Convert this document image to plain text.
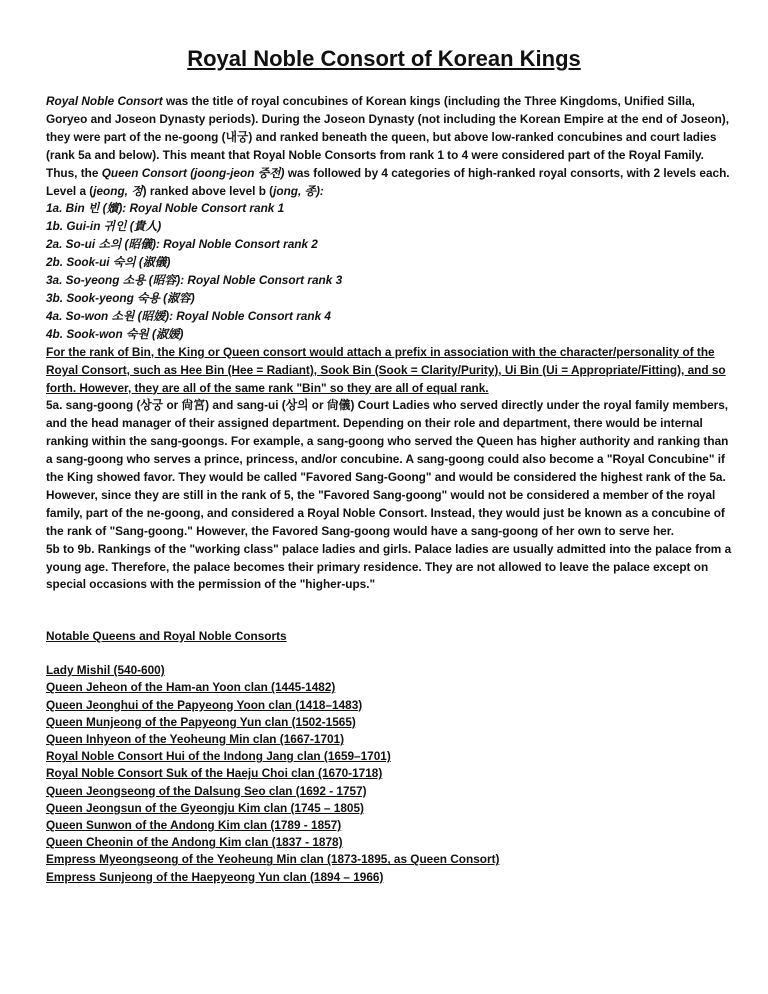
Royal Noble Consort of Korean Kings

Royal Noble Consort was the title of royal concubines of Korean kings (including the Three Kingdoms, Unified Silla, Goryeo and Joseon Dynasty periods). During the Joseon Dynasty (not including the Korean Empire at the end of Joseon), they were part of the ne-goong (내궁) and ranked beneath the queen, but above low-ranked concubines and court ladies (rank 5a and below). This meant that Royal Noble Consorts from rank 1 to 4 were considered part of the Royal Family.

Thus, the Queen Consort (joong-jeon 중전) was followed by 4 categories of high-ranked royal consorts, with 2 levels each. Level a (jeong, 정) ranked above level b (jong, 종):

1a. Bin 빈 (嬪): Royal Noble Consort rank 1

1b. Gui-in 귀인 (貴人)

2a. So-ui 소의 (昭儀): Royal Noble Consort rank 2

2b. Sook-ui 숙의 (淑儀)

3a. So-yeong 소용 (昭容): Royal Noble Consort rank 3

3b. Sook-yeong 숙용 (淑容)

4a. So-won 소원 (昭媛): Royal Noble Consort rank 4

4b. Sook-won 숙원 (淑媛)

For the rank of Bin, the King or Queen consort would attach a prefix in association with the character/personality of the Royal Consort, such as Hee Bin (Hee = Radiant), Sook Bin (Sook = Clarity/Purity), Ui Bin (Ui = Appropriate/Fitting), and so forth. However, they are all of the same rank "Bin" so they are all of equal rank.

5a. sang-goong (상궁 or 尙宮) and sang-ui (상의 or 尙儀) Court Ladies who served directly under the royal family members, and the head manager of their assigned department. Depending on their role and department, there would be internal ranking within the sang-goongs. For example, a sang-goong who served the Queen has higher authority and ranking than a sang-goong who serves a prince, princess, and/or concubine. A sang-goong could also become a "Royal Concubine" if the King showed favor. They would be called "Favored Sang-Goong" and would be considered the highest rank of the 5a. However, since they are still in the rank of 5, the "Favored Sang-goong" would not be considered a member of the royal family, part of the ne-goong, and considered a Royal Noble Consort. Instead, they would just be known as a concubine of the rank of "Sang-goong." However, the Favored Sang-goong would have a sang-goong of her own to serve her.

5b to 9b. Rankings of the "working class" palace ladies and girls. Palace ladies are usually admitted into the palace from a young age. Therefore, the palace becomes their primary residence. They are not allowed to leave the palace except on special occasions with the permission of the "higher-ups."

Notable Queens and Royal Noble Consorts

Lady Mishil (540-600)
Queen Jeheon of the Ham-an Yoon clan (1445-1482)
Queen Jeonghui of the Papyeong Yoon clan (1418–1483)
Queen Munjeong of the Papyeong Yun clan (1502-1565)
Queen Inhyeon of the Yeoheung Min clan (1667-1701)
Royal Noble Consort Hui of the Indong Jang clan (1659–1701)
Royal Noble Consort Suk of the Haeju Choi clan (1670-1718)
Queen Jeongseong of the Dalsung Seo clan (1692 - 1757)
Queen Jeongsun of the Gyeongju Kim clan (1745 – 1805)
Queen Sunwon of the Andong Kim clan (1789 - 1857)
Queen Cheonin of the Andong Kim clan (1837 - 1878)
Empress Myeongseong of the Yeoheung Min clan (1873-1895, as Queen Consort)
Empress Sunjeong of the Haepyeong Yun clan (1894 – 1966)
